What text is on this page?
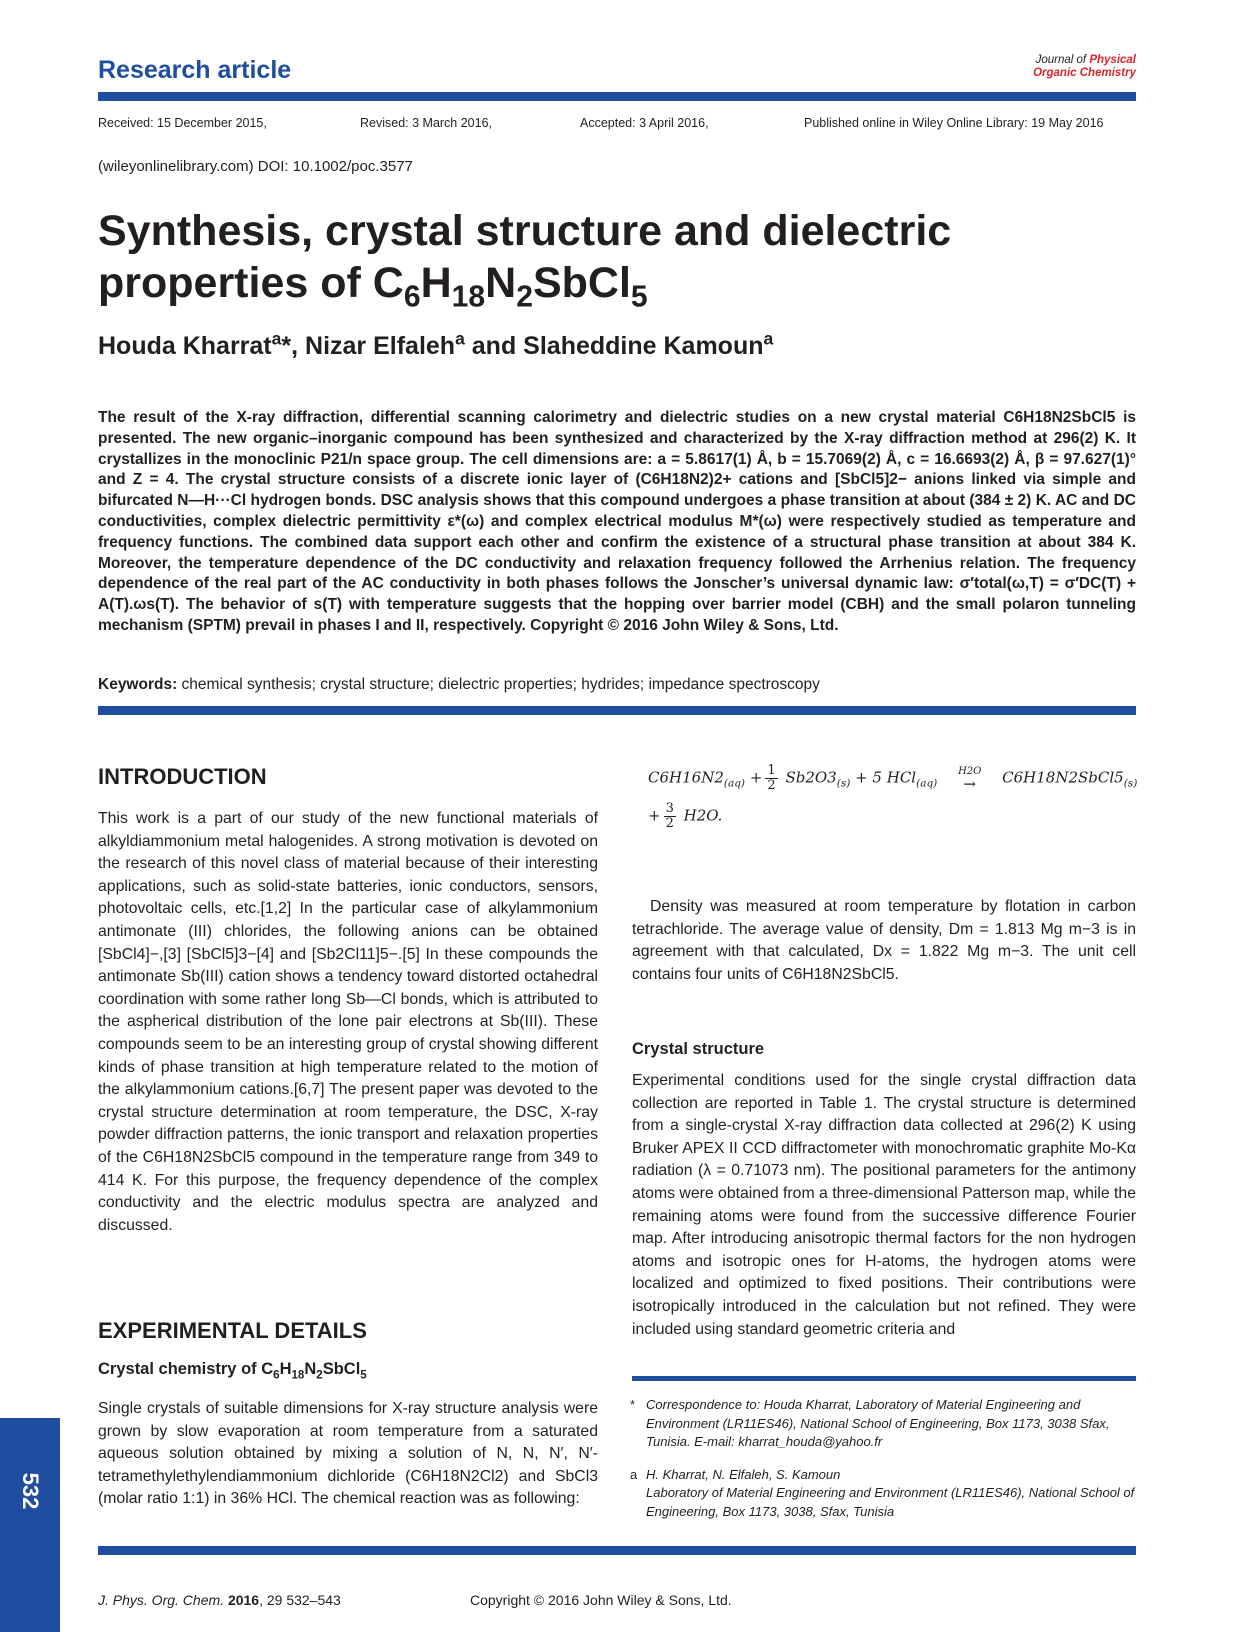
Research article	Journal of Physical
Organic Chemistry
Received: 15 December 2015,	Revised: 3 March 2016,	Accepted: 3 April 2016,	Published online in Wiley Online Library: 19 May 2016
(wileyonlinelibrary.com) DOI: 10.1002/poc.3577
Synthesis, crystal structure and dielectric
properties of $C_6H_{18}N_2SbCl_5$
Houda Kharrat$^a$*, Nizar Elfaleh$^a$ and Slaheddine Kamoun$^a$
The result of the X-ray diffraction, differential scanning calorimetry and dielectric studies on a new crystal material C6H18N2SbCl5 is presented. The new organic–inorganic compound has been synthesized and characterized by the X-ray diffraction method at 296(2) K. It crystallizes in the monoclinic P21/n space group. The cell dimensions are: a = 5.8617(1) Å, b = 15.7069(2) Å, c = 16.6693(2) Å, β = 97.627(1)° and Z = 4. The crystal structure consists of a discrete ionic layer of (C6H18N2)2+ cations and [SbCl5]2− anions linked via simple and bifurcated N—H···Cl hydrogen bonds. DSC analysis shows that this compound undergoes a phase transition at about (384 ± 2) K. AC and DC conductivities, complex dielectric permittivity ε*(ω) and complex electrical modulus M*(ω) were respectively studied as temperature and frequency functions. The combined data support each other and confirm the existence of a structural phase transition at about 384 K. Moreover, the temperature dependence of the DC conductivity and relaxation frequency followed the Arrhenius relation. The frequency dependence of the real part of the AC conductivity in both phases follows the Jonscher’s universal dynamic law: σ′total(ω,T) = σ′DC(T) + A(T).ωs(T). The behavior of s(T) with temperature suggests that the hopping over barrier model (CBH) and the small polaron tunneling mechanism (SPTM) prevail in phases I and II, respectively. Copyright © 2016 John Wiley & Sons, Ltd.
Keywords: chemical synthesis; crystal structure; dielectric properties; hydrides; impedance spectroscopy
INTRODUCTION
This work is a part of our study of the new functional materials of alkyldiammonium metal halogenides. A strong motivation is devoted on the research of this novel class of material because of their interesting applications, such as solid-state batteries, ionic conductors, sensors, photovoltaic cells, etc.[1,2] In the particular case of alkylammonium antimonate (III) chlorides, the following anions can be obtained [SbCl4]−,[3] [SbCl5]3−[4] and [Sb2Cl11]5−.[5] In these compounds the antimonate Sb(III) cation shows a tendency toward distorted octahedral coordination with some rather long Sb—Cl bonds, which is attributed to the aspherical distribution of the lone pair electrons at Sb(III). These compounds seem to be an interesting group of crystal showing different kinds of phase transition at high temperature related to the motion of the alkylammonium cations.[6,7] The present paper was devoted to the crystal structure determination at room temperature, the DSC, X-ray powder diffraction patterns, the ionic transport and relaxation properties of the C6H18N2SbCl5 compound in the temperature range from 349 to 414 K. For this purpose, the frequency dependence of the complex conductivity and the electric modulus spectra are analyzed and discussed.
EXPERIMENTAL DETAILS
Crystal chemistry of $C_6H_{18}N_2SbCl_5$
Single crystals of suitable dimensions for X-ray structure analysis were grown by slow evaporation at room temperature from a saturated aqueous solution obtained by mixing a solution of N, N, N′, N′-tetramethylethylendiammonium dichloride (C6H18N2Cl2) and SbCl3 (molar ratio 1:1) in 36% HCl. The chemical reaction was as following:
$C6H16N2_{(aq)} + \frac{1}{2} Sb2O3_{(s)} + 5$ HCl$_{(aq)}$
H2O
→	$C6H18N2SbCl5_{(s)}$
+ $\frac{3}{2} H2O$.
Density was measured at room temperature by flotation in carbon tetrachloride. The average value of density, Dm = 1.813 Mg m−3 is in agreement with that calculated, Dx = 1.822 Mg m−3. The unit cell contains four units of C6H18N2SbCl5.
Crystal structure
Experimental conditions used for the single crystal diffraction data collection are reported in Table 1. The crystal structure is determined from a single-crystal X-ray diffraction data collected at 296(2) K using Bruker APEX II CCD diffractometer with monochromatic graphite Mo-Kα radiation (λ = 0.71073 nm). The positional parameters for the antimony atoms were obtained from a three-dimensional Patterson map, while the remaining atoms were found from the successive difference Fourier map. After introducing anisotropic thermal factors for the non hydrogen atoms and isotropic ones for H-atoms, the hydrogen atoms were localized and optimized to fixed positions. Their contributions were isotropically introduced in the calculation but not refined. They were included using standard geometric criteria and
* Correspondence to: Houda Kharrat, Laboratory of Material Engineering and Environment (LR11ES46), National School of Engineering, Box 1173, 3038 Sfax, Tunisia. E-mail: kharrat_houda@yahoo.fr
a H. Kharrat, N. Elfaleh, S. Kamoun
Laboratory of Material Engineering and Environment (LR11ES46), National School of Engineering, Box 1173, 3038, Sfax, Tunisia
532
J. Phys. Org. Chem. 2016, 29 532–543	Copyright © 2016 John Wiley & Sons, Ltd.
